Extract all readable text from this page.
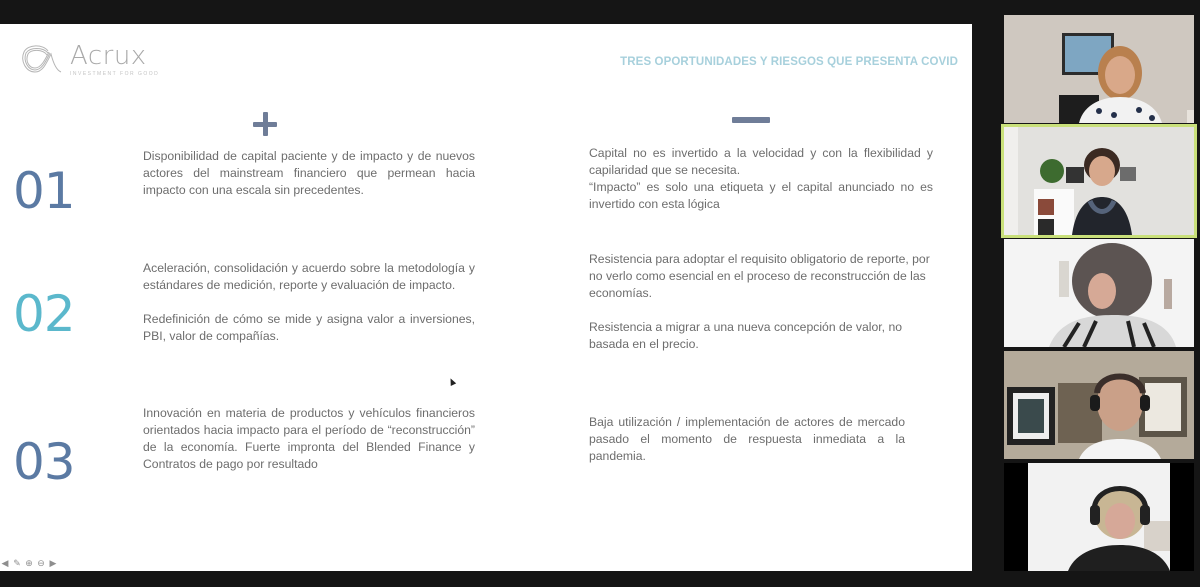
Acrux
INVESTMENT FOR GOOD
TRES OPORTUNIDADES Y RIESGOS QUE PRESENTA COVID
01

Disponibilidad de capital paciente y de impacto y de nuevos actores del mainstream financiero que permean hacia impacto con una escala sin precedentes.

Capital no es invertido a la velocidad y con la flexibilidad y capilaridad que se necesita.

“Impacto” es solo una etiqueta y el capital anunciado no es invertido con esta lógica

02

Aceleración, consolidación y acuerdo sobre la metodología y estándares de medición, reporte y evaluación de impacto.

Redefinición de cómo se mide y asigna valor a inversiones, PBI, valor de compañías.

Resistencia para adoptar el requisito obligatorio de reporte, por no verlo como esencial en el proceso de reconstrucción de las economías.

Resistencia a migrar a una nueva concepción de valor, no basada en el precio.

03

Innovación en materia de productos y vehículos financieros orientados hacia impacto para el período de “reconstrucción” de la economía. Fuerte impronta del Blended Finance y Contratos de pago por resultado

Baja utilización / implementación de actores de mercado pasado el momento de respuesta inmediata a la pandemia.

◀ ✎ ⊕ ⊖ ▶
